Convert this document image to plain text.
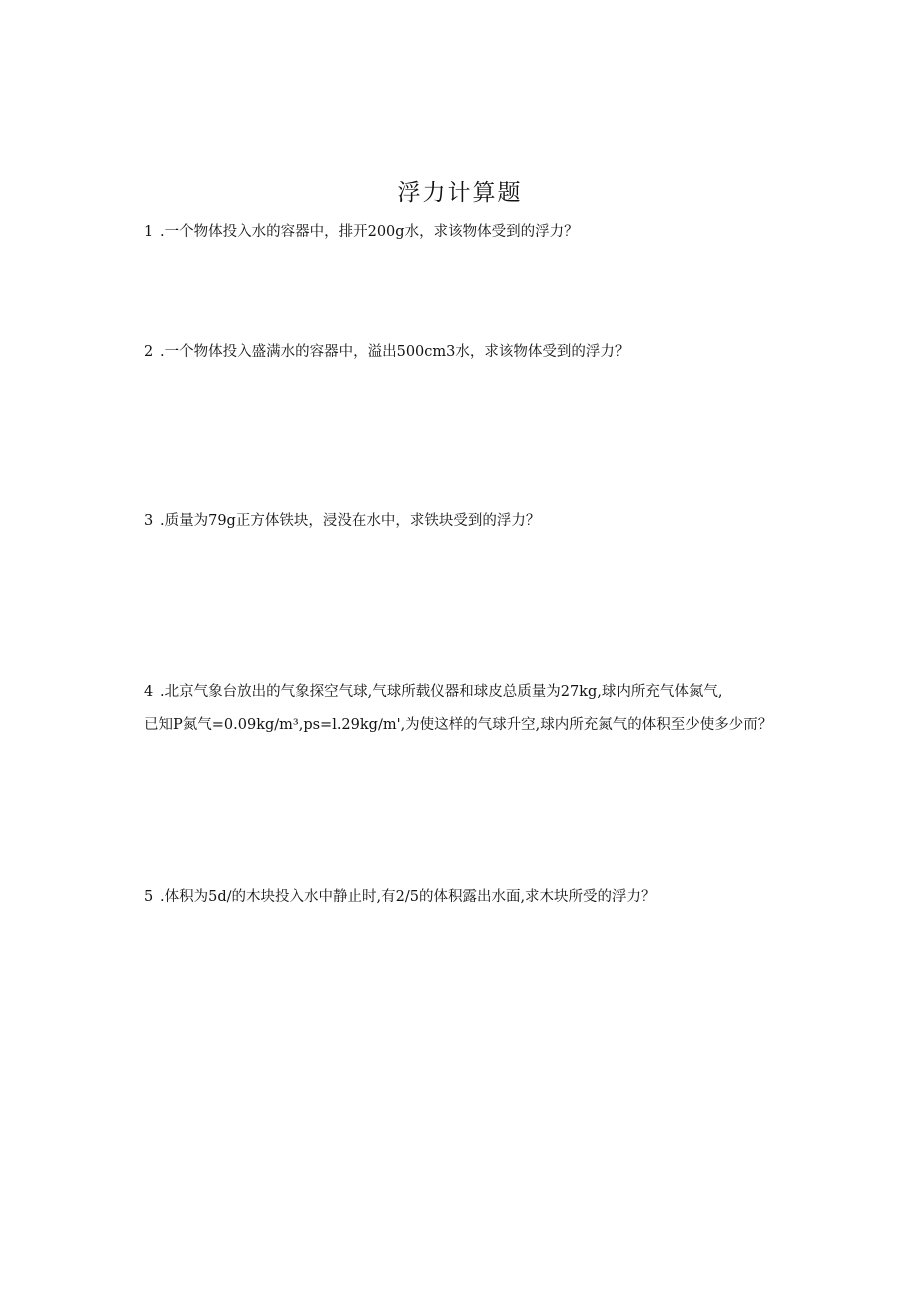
浮力计算题
1 .一个物体投入水的容器中，排开200g水，求该物体受到的浮力？
2 .一个物体投入盛满水的容器中，溢出500cm3水，求该物体受到的浮力？
3 .质量为79g正方体铁块，浸没在水中，求铁块受到的浮力？
4 .北京气象台放出的气象探空气球,气球所载仪器和球皮总质量为27kg,球内所充气体氮气,
已知P氮气=0.09kg∕m³,ps=l.29kg∕m',为使这样的气球升空,球内所充氮气的体积至少使多少而？
5 .体积为5d∕的木块投入水中静止时,有2/5的体积露出水面,求木块所受的浮力？
